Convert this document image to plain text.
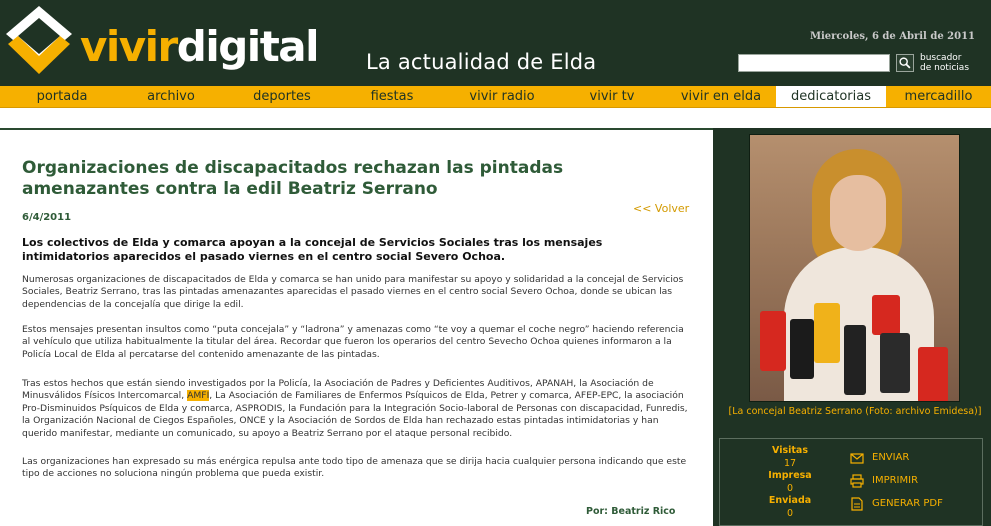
vivirdigital La actualidad de Elda
Miercoles, 6 de Abril de 2011
buscador
de noticias
portada	archivo	deportes	fiestas	vivir radio	vivir tv	vivir en elda	dedicatorias	mercadillo
Organizaciones de discapacitados rechazan las pintadas amenazantes contra la edil Beatriz Serrano
6/4/2011
<< Volver

Los colectivos de Elda y comarca apoyan a la concejal de Servicios Sociales tras los mensajes intimidatorios aparecidos el pasado viernes en el centro social Severo Ochoa.

Numerosas organizaciones de discapacitados de Elda y comarca se han unido para manifestar su apoyo y solidaridad a la concejal de Servicios Sociales, Beatriz Serrano, tras las pintadas amenazantes aparecidas el pasado viernes en el centro social Severo Ochoa, donde se ubican las dependencias de la concejalía que dirige la edil.

Estos mensajes presentan insultos como “puta concejala” y “ladrona” y amenazas como “te voy a quemar el coche negro” haciendo referencia al vehículo que utiliza habitualmente la titular del área. Recordar que fueron los operarios del centro Sevecho Ochoa quienes informaron a la Policía Local de Elda al percatarse del contenido amenazante de las pintadas.

Tras estos hechos que están siendo investigados por la Policía, la Asociación de Padres y Deficientes Auditivos, APANAH, la Asociación de Minusválidos Físicos Intercomarcal, AMFI, La Asociación de Familiares de Enfermos Psíquicos de Elda, Petrer y comarca, AFEP-EPC, la asociación Pro-Disminuidos Psíquicos de Elda y comarca, ASPRODIS, la Fundación para la Integración Socio-laboral de Personas con discapacidad, Funredis, la Organización Nacional de Ciegos Españoles, ONCE y la Asociación de Sordos de Elda han rechazado estas pintadas intimidatorias y han querido manifestar, mediante un comunicado, su apoyo a Beatriz Serrano por el ataque personal recibido.

Las organizaciones han expresado su más enérgica repulsa ante todo tipo de amenaza que se dirija hacia cualquier persona indicando que este tipo de acciones no soluciona ningún problema que pueda existir.

Por: Beatriz Rico
[La concejal Beatriz Serrano (Foto: archivo Emidesa)]
Visitas
17
Impresa
0
Enviada
0
ENVIAR
IMPRIMIR
GENERAR PDF
